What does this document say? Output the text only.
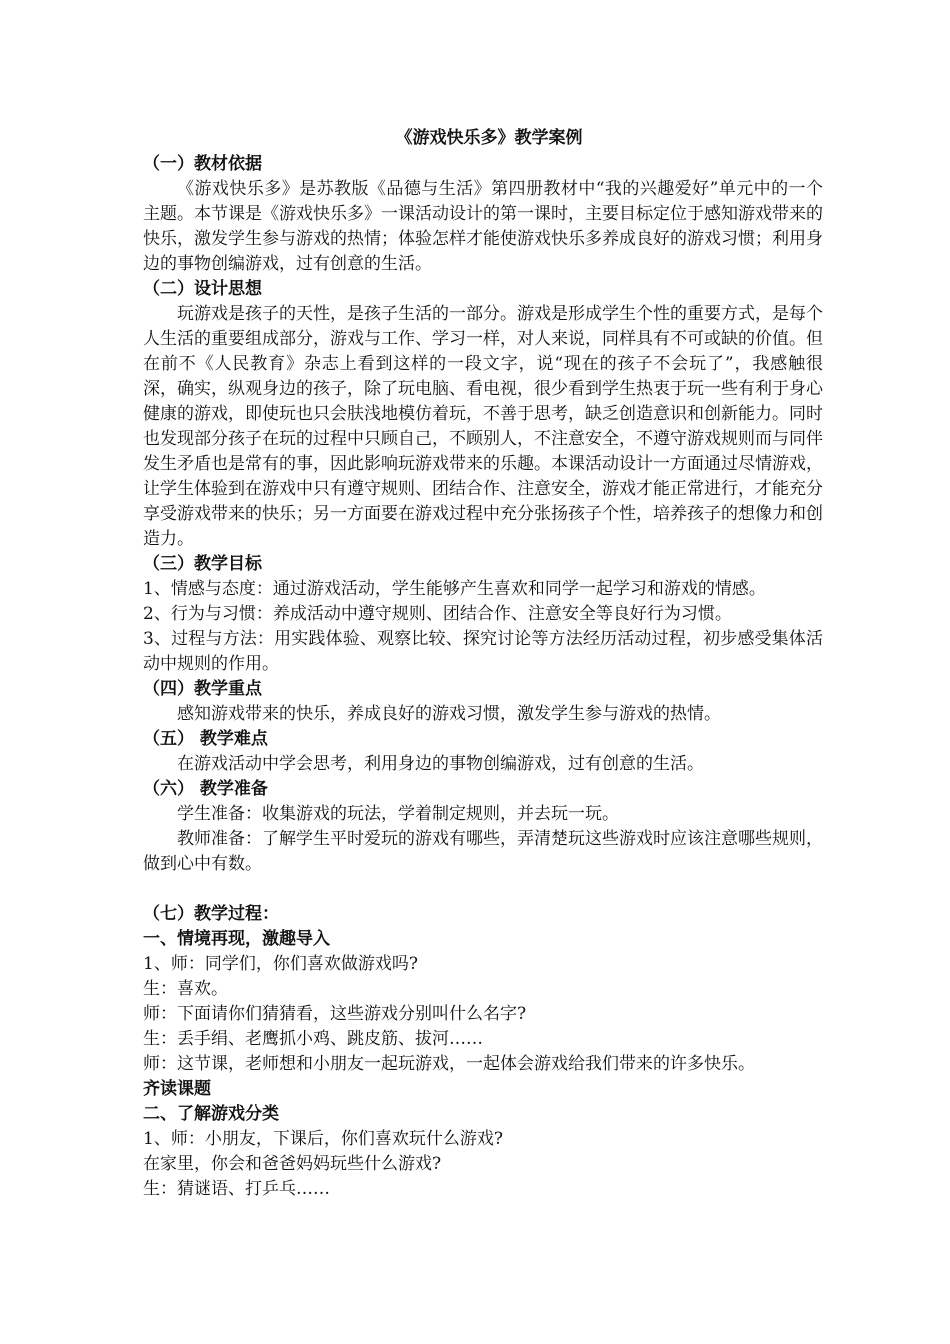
《游戏快乐多》教学案例
（一）教材依据

《游戏快乐多》是苏教版《品德与生活》第四册教材中“我的兴趣爱好”单元中的一个主题。本节课是《游戏快乐多》一课活动设计的第一课时，主要目标定位于感知游戏带来的快乐，激发学生参与游戏的热情；体验怎样才能使游戏快乐多养成良好的游戏习惯；利用身边的事物创编游戏，过有创意的生活。

（二）设计思想

玩游戏是孩子的天性，是孩子生活的一部分。游戏是形成学生个性的重要方式，是每个人生活的重要组成部分，游戏与工作、学习一样，对人来说，同样具有不可或缺的价值。但在前不《人民教育》杂志上看到这样的一段文字，说“现在的孩子不会玩了”，我感触很深，确实，纵观身边的孩子，除了玩电脑、看电视，很少看到学生热衷于玩一些有利于身心健康的游戏，即使玩也只会肤浅地模仿着玩，不善于思考，缺乏创造意识和创新能力。同时也发现部分孩子在玩的过程中只顾自己，不顾别人，不注意安全，不遵守游戏规则而与同伴发生矛盾也是常有的事，因此影响玩游戏带来的乐趣。本课活动设计一方面通过尽情游戏，让学生体验到在游戏中只有遵守规则、团结合作、注意安全，游戏才能正常进行，才能充分享受游戏带来的快乐；另一方面要在游戏过程中充分张扬孩子个性，培养孩子的想像力和创造力。

（三）教学目标

1、情感与态度：通过游戏活动，学生能够产生喜欢和同学一起学习和游戏的情感。

2、行为与习惯：养成活动中遵守规则、团结合作、注意安全等良好行为习惯。

3、过程与方法：用实践体验、观察比较、探究讨论等方法经历活动过程，初步感受集体活动中规则的作用。

（四）教学重点

感知游戏带来的快乐，养成良好的游戏习惯，激发学生参与游戏的热情。

（五） 教学难点

在游戏活动中学会思考，利用身边的事物创编游戏，过有创意的生活。

（六） 教学准备

学生准备：收集游戏的玩法，学着制定规则，并去玩一玩。

教师准备：了解学生平时爱玩的游戏有哪些，弄清楚玩这些游戏时应该注意哪些规则，做到心中有数。

（七）教学过程：
一、情境再现，激趣导入

1、师：同学们，你们喜欢做游戏吗?

生：喜欢。

师：下面请你们猜猜看，这些游戏分别叫什么名字?

生：丢手绢、老鹰抓小鸡、跳皮筋、拔河……

师：这节课，老师想和小朋友一起玩游戏，一起体会游戏给我们带来的许多快乐。

齐读课题
二、了解游戏分类

1、师：小朋友，下课后，你们喜欢玩什么游戏?

在家里，你会和爸爸妈妈玩些什么游戏?

生：猜谜语、打乒乓……
